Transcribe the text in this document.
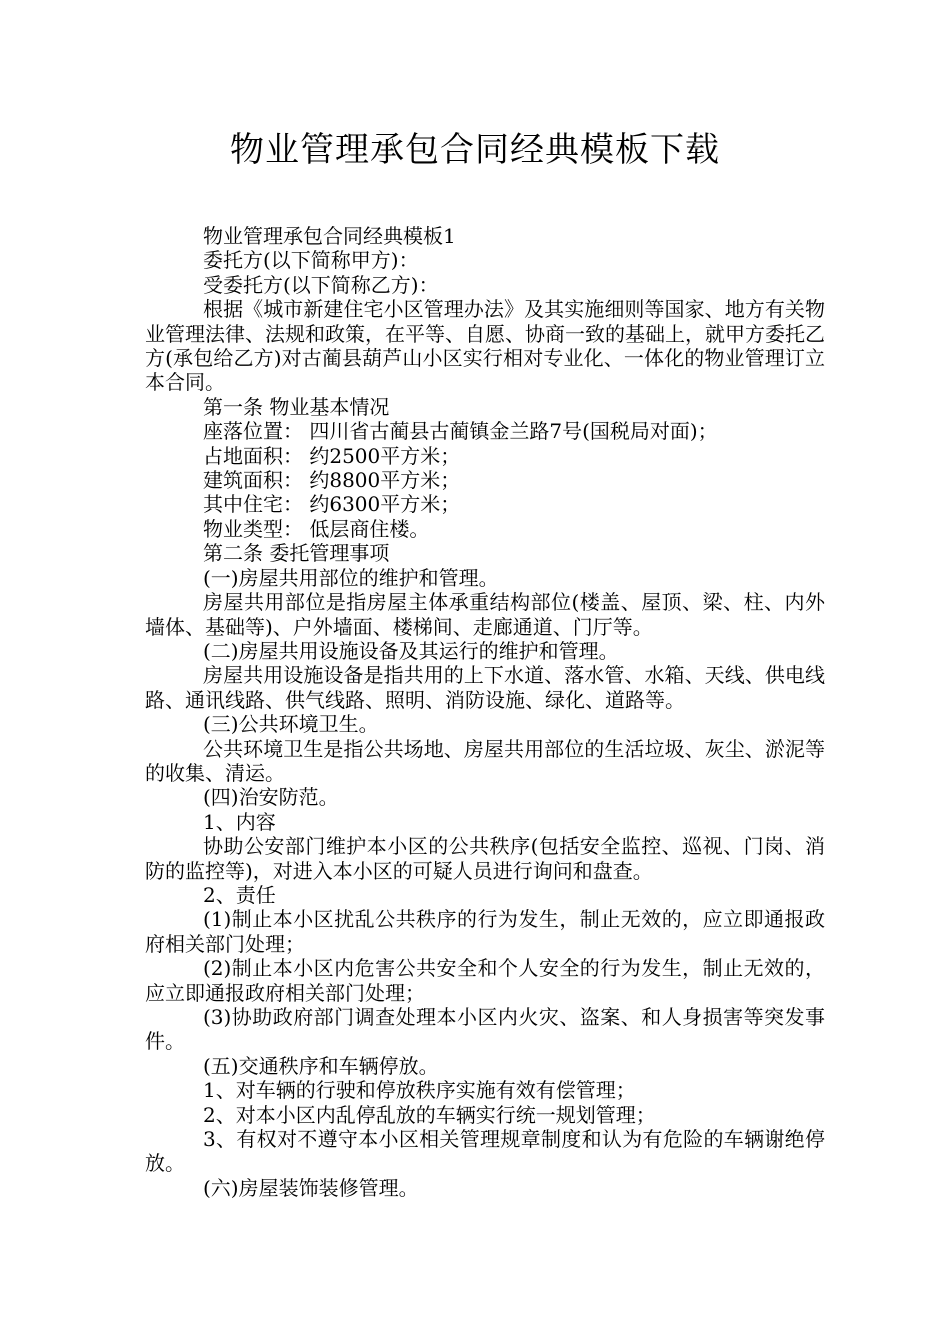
物业管理承包合同经典模板下载

物业管理承包合同经典模板1

委托方(以下简称甲方)：

受委托方(以下简称乙方)：

根据《城市新建住宅小区管理办法》及其实施细则等国家、地方有关物业管理法律、法规和政策，在平等、自愿、协商一致的基础上，就甲方委托乙方(承包给乙方)对古蔺县葫芦山小区实行相对专业化、一体化的物业管理订立本合同。

第一条 物业基本情况

座落位置： 四川省古蔺县古蔺镇金兰路7号(国税局对面)；

占地面积： 约2500平方米；

建筑面积： 约8800平方米；

其中住宅： 约6300平方米；

物业类型： 低层商住楼。

第二条 委托管理事项

(一)房屋共用部位的维护和管理。

房屋共用部位是指房屋主体承重结构部位(楼盖、屋顶、梁、柱、内外墙体、基础等)、户外墙面、楼梯间、走廊通道、门厅等。

(二)房屋共用设施设备及其运行的维护和管理。

房屋共用设施设备是指共用的上下水道、落水管、水箱、天线、供电线路、通讯线路、供气线路、照明、消防设施、绿化、道路等。

(三)公共环境卫生。

公共环境卫生是指公共场地、房屋共用部位的生活垃圾、灰尘、淤泥等的收集、清运。

(四)治安防范。

1、内容

协助公安部门维护本小区的公共秩序(包括安全监控、巡视、门岗、消防的监控等)，对进入本小区的可疑人员进行询问和盘查。

2、责任

(1)制止本小区扰乱公共秩序的行为发生，制止无效的，应立即通报政府相关部门处理；

(2)制止本小区内危害公共安全和个人安全的行为发生，制止无效的，应立即通报政府相关部门处理；

(3)协助政府部门调查处理本小区内火灾、盗案、和人身损害等突发事件。

(五)交通秩序和车辆停放。

1、对车辆的行驶和停放秩序实施有效有偿管理；

2、对本小区内乱停乱放的车辆实行统一规划管理；

3、有权对不遵守本小区相关管理规章制度和认为有危险的车辆谢绝停放。

(六)房屋装饰装修管理。
